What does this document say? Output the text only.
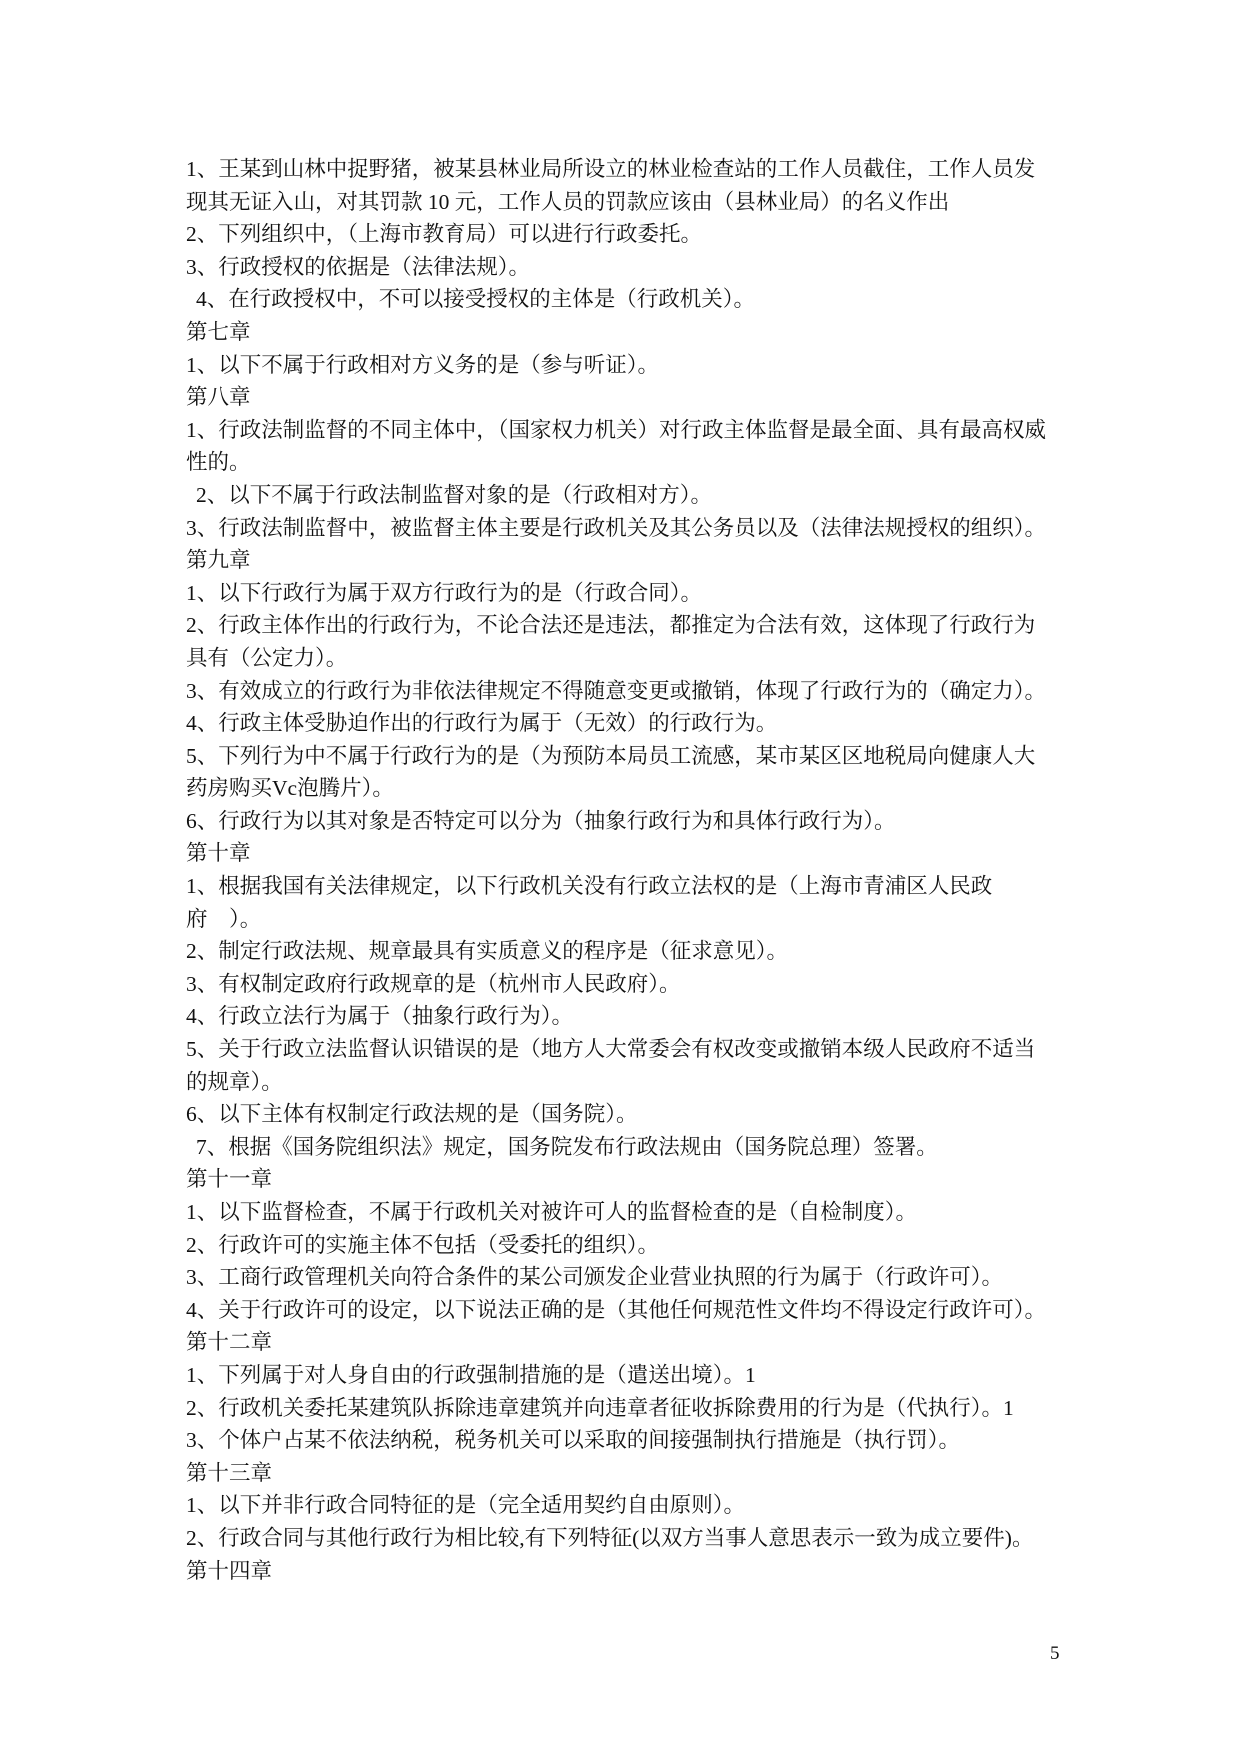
1、王某到山林中捉野猪，被某县林业局所设立的林业检查站的工作人员截住，工作人员发
现其无证入山，对其罚款 10 元，工作人员的罚款应该由（县林业局）的名义作出
2、下列组织中，（上海市教育局）可以进行行政委托。
3、行政授权的依据是（法律法规）。
4、在行政授权中，不可以接受授权的主体是（行政机关）。
第七章
1、以下不属于行政相对方义务的是（参与听证）。
第八章
1、行政法制监督的不同主体中，（国家权力机关）对行政主体监督是最全面、具有最高权威
性的。
2、以下不属于行政法制监督对象的是（行政相对方）。
3、行政法制监督中，被监督主体主要是行政机关及其公务员以及（法律法规授权的组织）。
第九章
1、以下行政行为属于双方行政行为的是（行政合同）。
2、行政主体作出的行政行为，不论合法还是违法，都推定为合法有效，这体现了行政行为
具有（公定力）。
3、有效成立的行政行为非依法律规定不得随意变更或撤销，体现了行政行为的（确定力）。
4、行政主体受胁迫作出的行政行为属于（无效）的行政行为。
5、下列行为中不属于行政行为的是（为预防本局员工流感，某市某区区地税局向健康人大
药房购买Vc泡腾片）。
6、行政行为以其对象是否特定可以分为（抽象行政行为和具体行政行为）。
第十章
1、根据我国有关法律规定，以下行政机关没有行政立法权的是（上海市青浦区人民政
府　）。
2、制定行政法规、规章最具有实质意义的程序是（征求意见）。
3、有权制定政府行政规章的是（杭州市人民政府）。
4、行政立法行为属于（抽象行政行为）。
5、关于行政立法监督认识错误的是（地方人大常委会有权改变或撤销本级人民政府不适当
的规章）。
6、以下主体有权制定行政法规的是（国务院）。
7、根据《国务院组织法》规定，国务院发布行政法规由（国务院总理）签署。
第十一章
1、以下监督检查，不属于行政机关对被许可人的监督检查的是（自检制度）。
2、行政许可的实施主体不包括（受委托的组织）。
3、工商行政管理机关向符合条件的某公司颁发企业营业执照的行为属于（行政许可）。
4、关于行政许可的设定，以下说法正确的是（其他任何规范性文件均不得设定行政许可）。
第十二章
1、下列属于对人身自由的行政强制措施的是（遣送出境）。1
2、行政机关委托某建筑队拆除违章建筑并向违章者征收拆除费用的行为是（代执行）。1
3、个体户占某不依法纳税，税务机关可以采取的间接强制执行措施是（执行罚）。
第十三章
1、以下并非行政合同特征的是（完全适用契约自由原则）。
2、行政合同与其他行政行为相比较,有下列特征(以双方当事人意思表示一致为成立要件)。
第十四章
5
